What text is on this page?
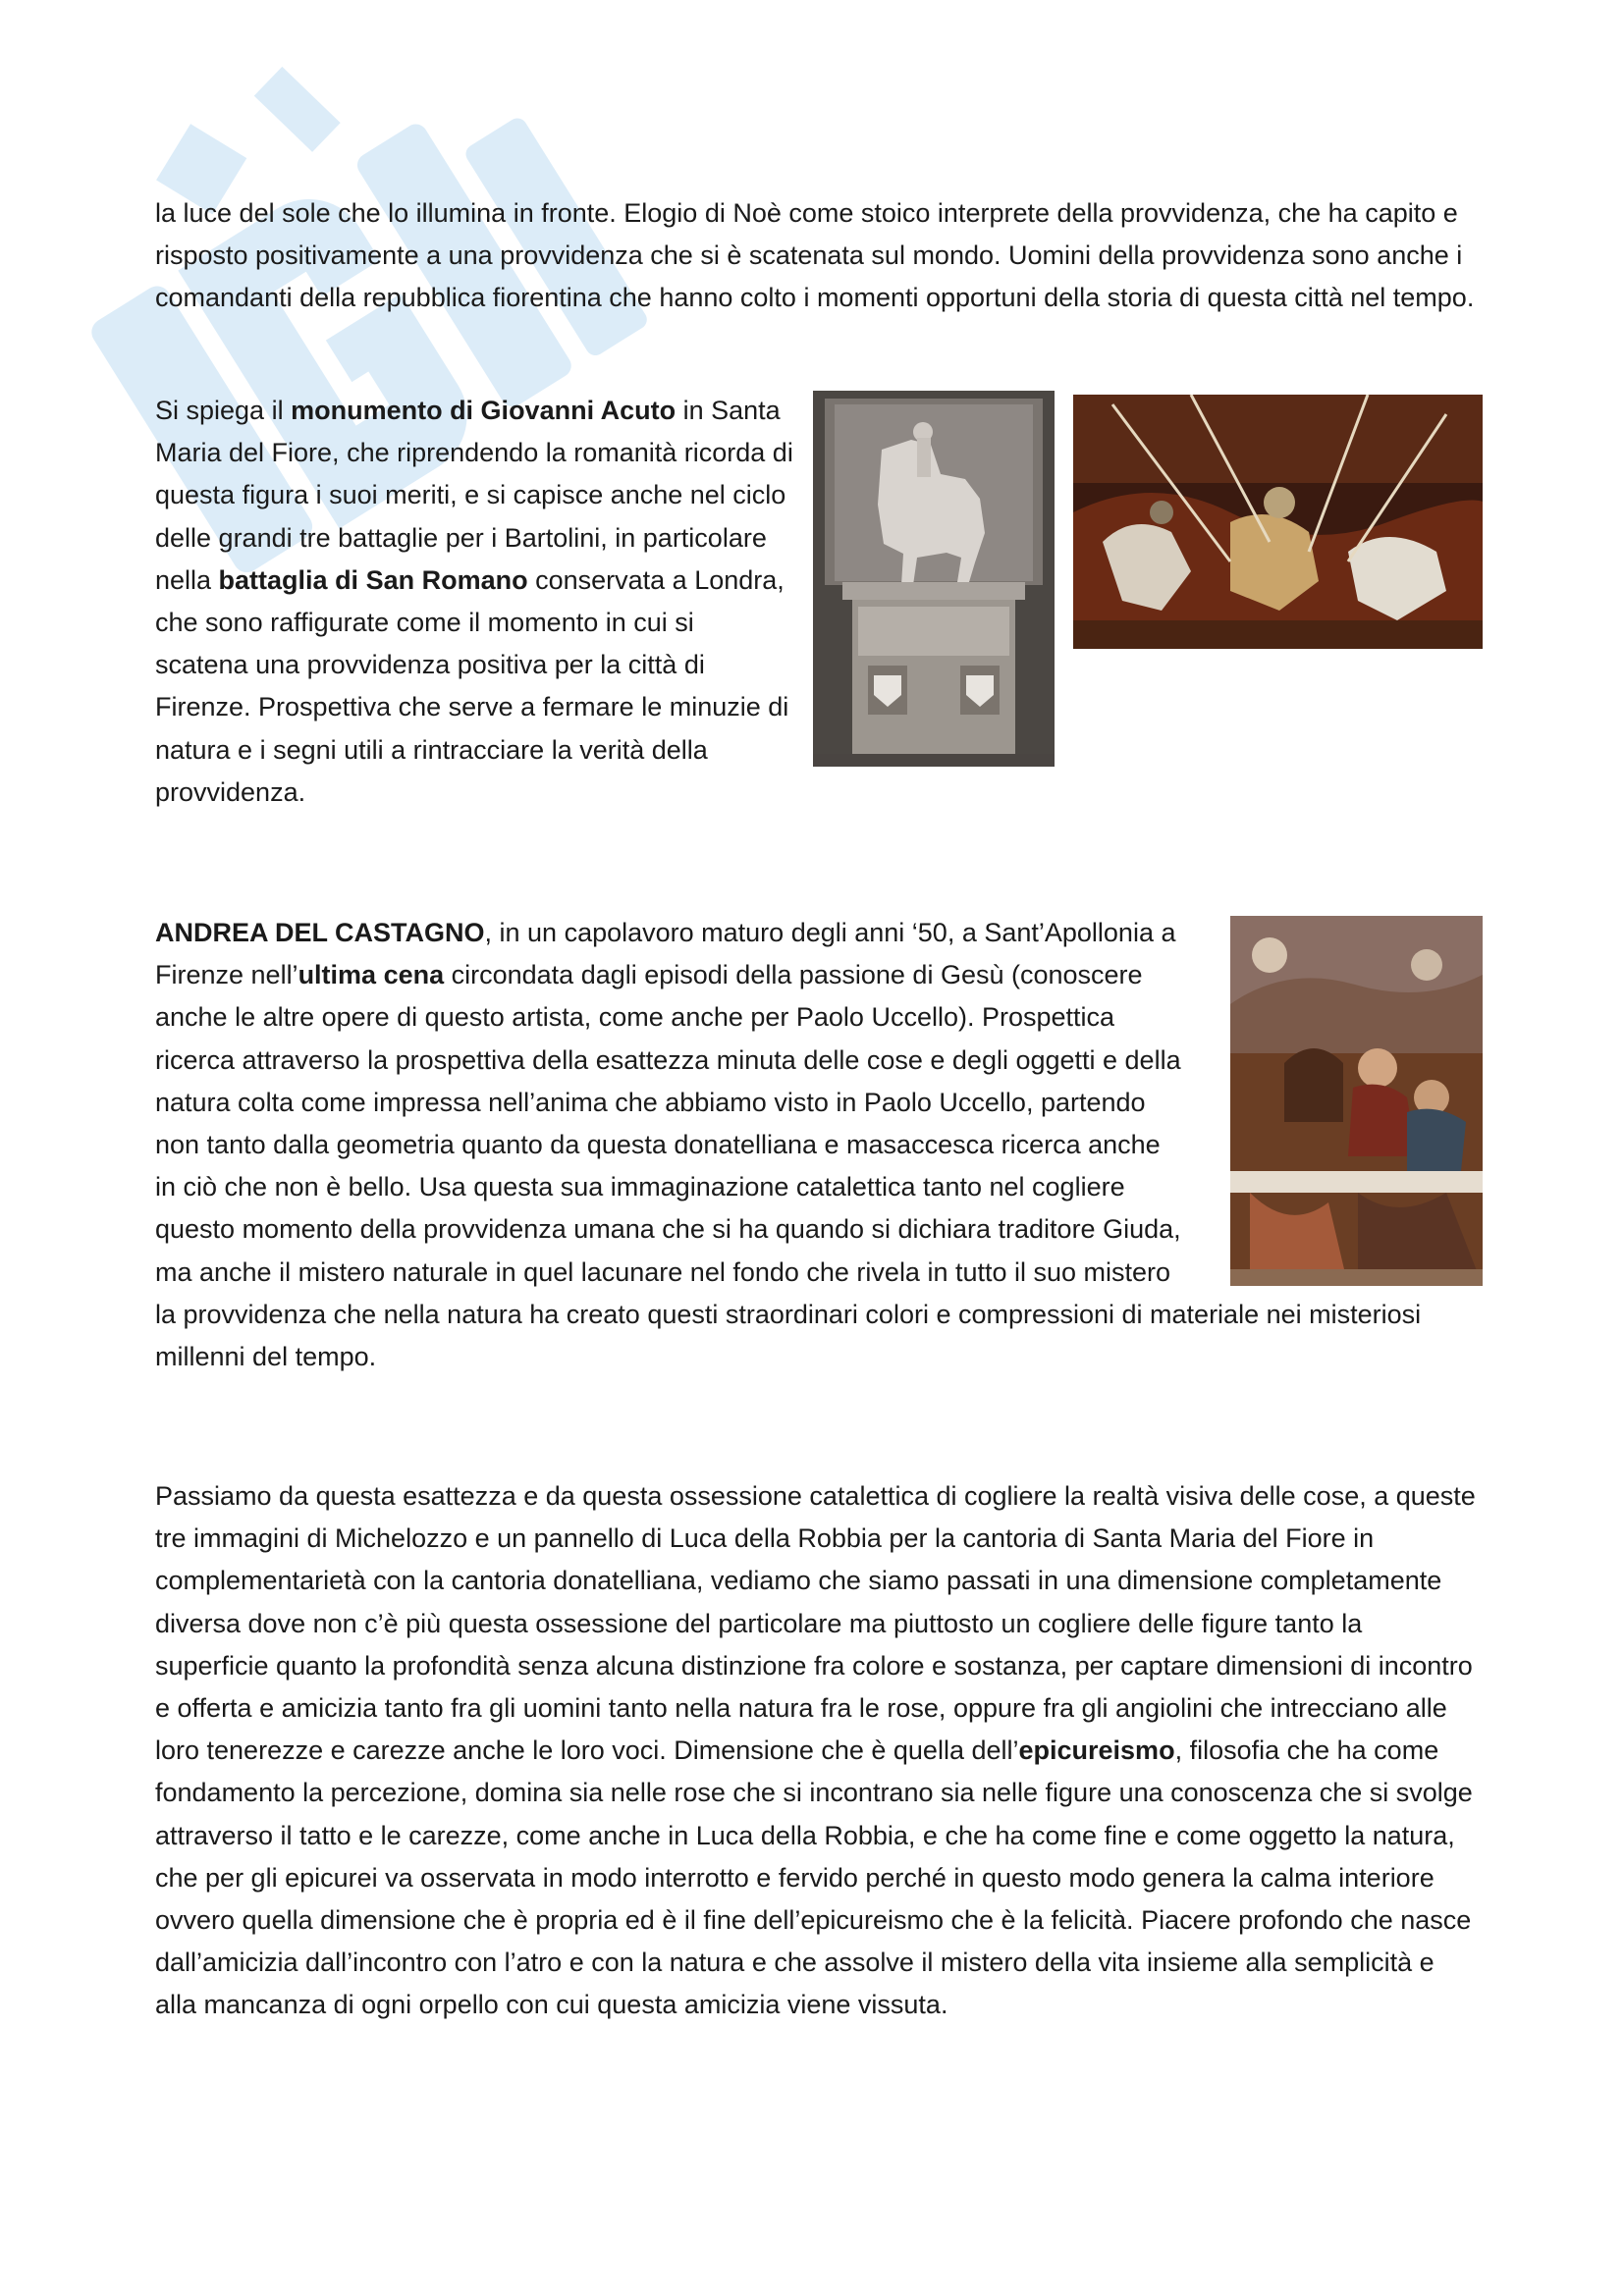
la luce del sole che lo illumina in fronte. Elogio di Noè come stoico interprete della provvidenza, che ha capito e risposto positivamente a una provvidenza che si è scatenata sul mondo. Uomini della provvidenza sono anche i comandanti della repubblica fiorentina che hanno colto i momenti opportuni della storia di questa città nel tempo.

Si spiega il monumento di Giovanni Acuto in Santa Maria del Fiore, che riprendendo la romanità ricorda di questa figura i suoi meriti, e si capisce anche nel ciclo delle grandi tre battaglie per i Bartolini, in particolare nella battaglia di San Romano conservata a Londra, che sono raffigurate come il momento in cui si scatena una provvidenza positiva per la città di Firenze. Prospettiva che serve a fermare le minuzie di natura e i segni utili a rintracciare la verità della provvidenza.

ANDREA DEL CASTAGNO, in un capolavoro maturo degli anni ‘50, a Sant’Apollonia a Firenze nell’ultima cena circondata dagli episodi della passione di Gesù (conoscere anche le altre opere di questo artista, come anche per Paolo Uccello). Prospettica ricerca attraverso la prospettiva della esattezza minuta delle cose e degli oggetti e della natura colta come impressa nell’anima che abbiamo visto in Paolo Uccello, partendo non tanto dalla geometria quanto da questa donatelliana e masaccesca ricerca anche in ciò che non è bello. Usa questa sua immaginazione catalettica tanto nel cogliere questo momento della provvidenza umana che si ha quando si dichiara traditore Giuda, ma anche il mistero naturale in quel lacunare nel fondo che rivela in tutto il suo mistero la provvidenza che nella natura ha creato questi straordinari colori e compressioni di materiale nei misteriosi millenni del tempo.

Passiamo da questa esattezza e da questa ossessione catalettica di cogliere la realtà visiva delle cose, a queste tre immagini di Michelozzo e un pannello di Luca della Robbia per la cantoria di Santa Maria del Fiore in complementarietà con la cantoria donatelliana, vediamo che siamo passati in una dimensione completamente diversa dove non c’è più questa ossessione del particolare ma piuttosto un cogliere delle figure tanto la superficie quanto la profondità senza alcuna distinzione fra colore e sostanza, per captare dimensioni di incontro e offerta e amicizia tanto fra gli uomini tanto nella natura fra le rose, oppure fra gli angiolini che intrecciano alle loro tenerezze e carezze anche le loro voci. Dimensione che è quella dell’epicureismo, filosofia che ha come fondamento la percezione, domina sia nelle rose che si incontrano sia nelle figure una conoscenza che si svolge attraverso il tatto e le carezze, come anche in Luca della Robbia, e che ha come fine e come oggetto la natura, che per gli epicurei va osservata in modo interrotto e fervido perché in questo modo genera la calma interiore ovvero quella dimensione che è propria ed è il fine dell’epicureismo che è la felicità. Piacere profondo che nasce dall’amicizia dall’incontro con l’atro e con la natura e che assolve il mistero della vita insieme alla semplicità e alla mancanza di ogni orpello con cui questa amicizia viene vissuta.
